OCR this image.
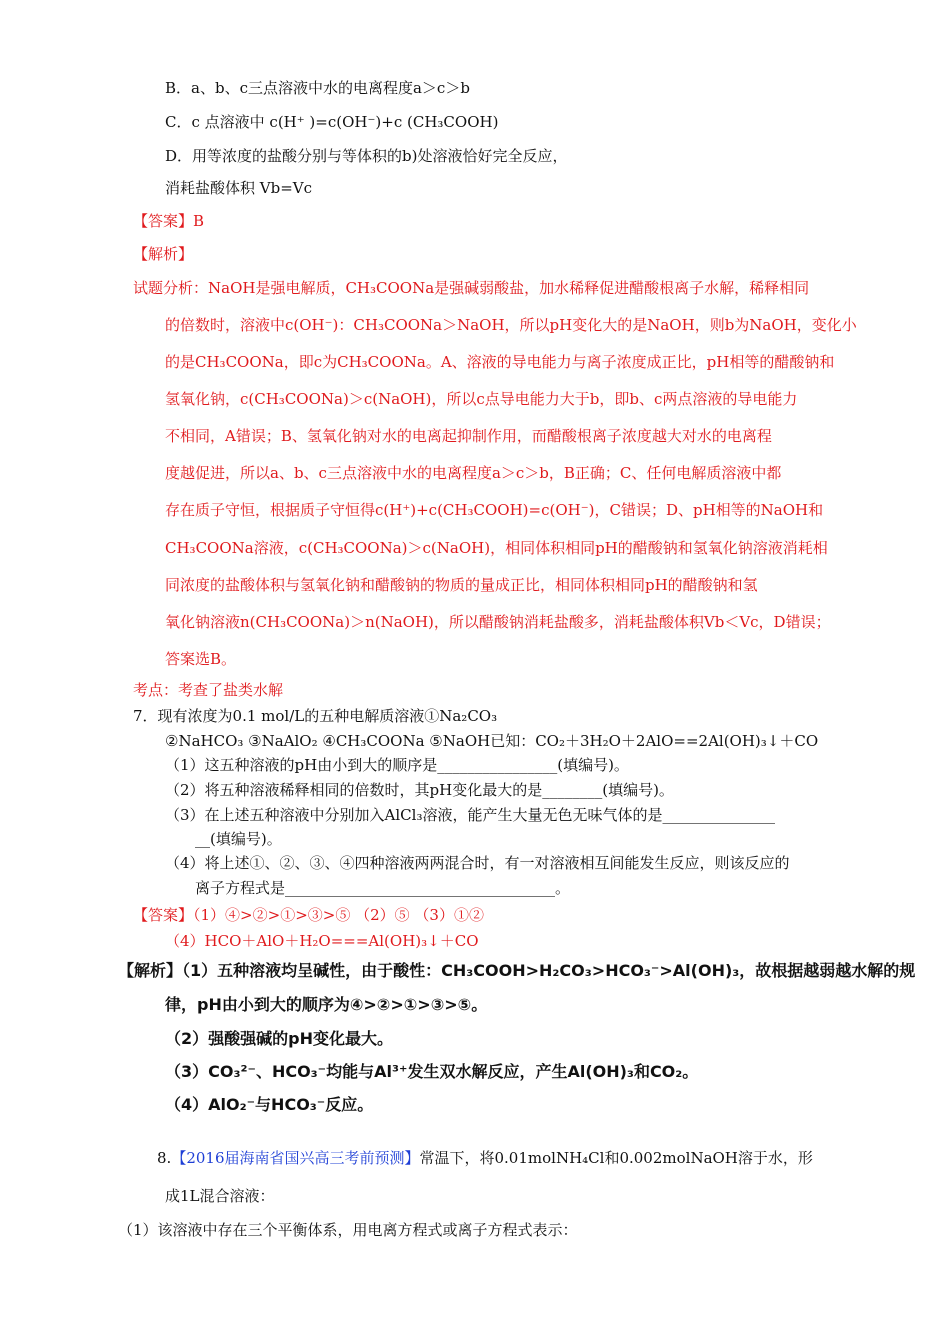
B．a、b、c三点溶液中水的电离程度a＞c＞b
C．c 点溶液中 c(H⁺ )=c(OH⁻)+c (CH₃COOH)
D．用等浓度的盐酸分别与等体积的b)处溶液恰好完全反应，
消耗盐酸体积 Vb=Vc
【答案】B
【解析】
试题分析：NaOH是强电解质，CH₃COONa是强碱弱酸盐，加水稀释促进醋酸根离子水解，稀释相同
的倍数时，溶液中c(OH⁻)：CH₃COONa＞NaOH，所以pH变化大的是NaOH，则b为NaOH，变化小
的是CH₃COONa，即c为CH₃COONa。A、溶液的导电能力与离子浓度成正比，pH相等的醋酸钠和
氢氧化钠，c(CH₃COONa)＞c(NaOH)，所以c点导电能力大于b，即b、c两点溶液的导电能力
不相同，A错误；B、氢氧化钠对水的电离起抑制作用，而醋酸根离子浓度越大对水的电离程
度越促进，所以a、b、c三点溶液中水的电离程度a＞c＞b，B正确；C、任何电解质溶液中都
存在质子守恒，根据质子守恒得c(H⁺)+c(CH₃COOH)=c(OH⁻)，C错误；D、pH相等的NaOH和
CH₃COONa溶液，c(CH₃COONa)＞c(NaOH)，相同体积相同pH的醋酸钠和氢氧化钠溶液消耗相
同浓度的盐酸体积与氢氧化钠和醋酸钠的物质的量成正比，相同体积相同pH的醋酸钠和氢
氧化钠溶液n(CH₃COONa)＞n(NaOH)，所以醋酸钠消耗盐酸多，消耗盐酸体积Vb＜Vc，D错误；
答案选B。
考点：考查了盐类水解
7．现有浓度为0.1 mol/L的五种电解质溶液①Na₂CO₃
②NaHCO₃ ③NaAlO₂ ④CH₃COONa ⑤NaOH已知：CO₂＋3H₂O＋2AlO==2Al(OH)₃↓＋CO
（1）这五种溶液的pH由小到大的顺序是________________(填编号)。
（2）将五种溶液稀释相同的倍数时，其pH变化最大的是________(填编号)。
（3）在上述五种溶液中分别加入AlCl₃溶液，能产生大量无色无味气体的是_______________
__(填编号)。
（4）将上述①、②、③、④四种溶液两两混合时，有一对溶液相互间能发生反应，则该反应的
离子方程式是____________________________________。
【答案】（1）④>②>①>③>⑤ （2）⑤ （3）①②
（4）HCO＋AlO＋H₂O===Al(OH)₃↓＋CO
【解析】（1）五种溶液均呈碱性，由于酸性：CH₃COOH>H₂CO₃>HCO₃⁻>Al(OH)₃，故根据越弱越水解的规
律，pH由小到大的顺序为④>②>①>③>⑤。
（2）强酸强碱的pH变化最大。
（3）CO₃²⁻、HCO₃⁻均能与Al³⁺发生双水解反应，产生Al(OH)₃和CO₂。
（4）AlO₂⁻与HCO₃⁻反应。
8.【2016届海南省国兴高三考前预测】常温下，将0.01molNH₄Cl和0.002molNaOH溶于水，形
成1L混合溶液：
（1）该溶液中存在三个平衡体系，用电离方程式或离子方程式表示：
